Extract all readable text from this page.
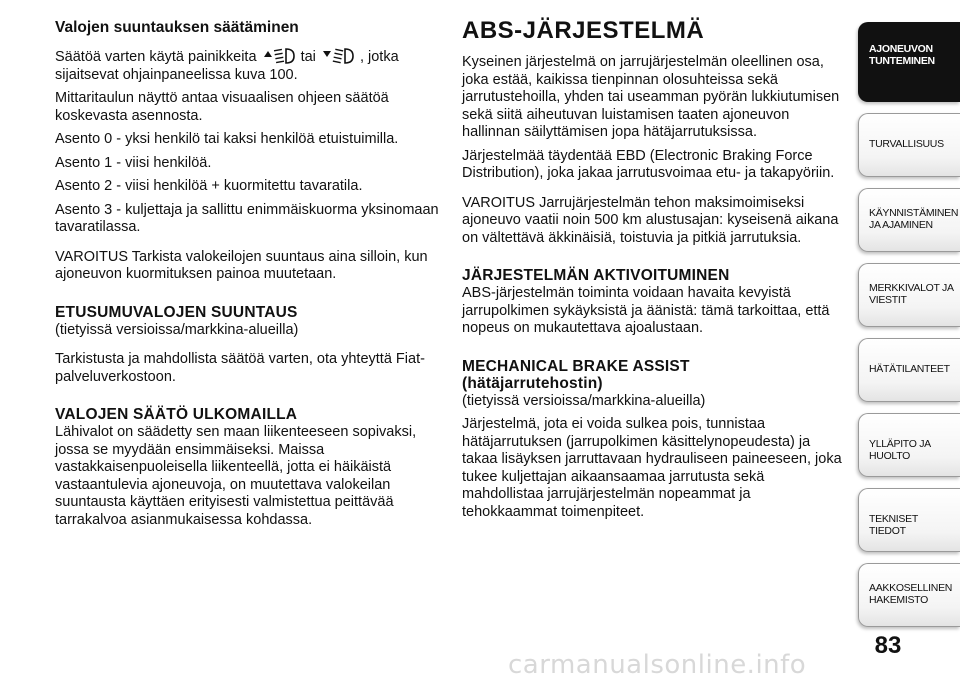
Valojen suuntauksen säätäminen
Säätöä varten käytä painikkeita	tai	, jotka sijaitsevat ohjainpaneelissa kuva 100.
Mittaritaulun näyttö antaa visuaalisen ohjeen säätöä koskevasta asennosta.
Asento 0 - yksi henkilö tai kaksi henkilöä etuistuimilla.
Asento 1 - viisi henkilöä.
Asento 2 - viisi henkilöä + kuormitettu tavaratila.
Asento 3 - kuljettaja ja sallittu enimmäiskuorma yksinomaan tavaratilassa.
VAROITUS Tarkista valokeilojen suuntaus aina silloin, kun ajoneuvon kuormituksen painoa muutetaan.
ETUSUMUVALOJEN SUUNTAUS
(tietyissä versioissa/markkina-alueilla)
Tarkistusta ja mahdollista säätöä varten, ota yhteyttä Fiat-palveluverkostoon.
VALOJEN SÄÄTÖ ULKOMAILLA
Lähivalot on säädetty sen maan liikenteeseen sopivaksi, jossa se myydään ensimmäiseksi. Maissa vastakkaisenpuoleisella liikenteellä, jotta ei häikäistä vastaantulevia ajoneuvoja, on muutettava valokeilan suuntausta käyttäen erityisesti valmistettua peittävää tarrakalvoa asianmukaisessa kohdassa.
ABS-JÄRJESTELMÄ
Kyseinen järjestelmä on jarrujärjestelmän oleellinen osa, joka estää, kaikissa tienpinnan olosuhteissa sekä jarrutustehoilla, yhden tai useamman pyörän lukkiutumisen sekä siitä aiheutuvan luistamisen taaten ajoneuvon hallinnan säilyttämisen jopa hätäjarrutuksissa.
Järjestelmää täydentää EBD (Electronic Braking Force Distribution), joka jakaa jarrutusvoimaa etu- ja takapyöriin.
VAROITUS Jarrujärjestelmän tehon maksimoimiseksi ajoneuvo vaatii noin 500 km alustusajan: kyseisenä aikana on vältettävä äkkinäisiä, toistuvia ja pitkiä jarrutuksia.
JÄRJESTELMÄN AKTIVOITUMINEN
ABS-järjestelmän toiminta voidaan havaita kevyistä jarrupolkimen sykäyksistä ja äänistä: tämä tarkoittaa, että nopeus on mukautettava ajoalustaan.
MECHANICAL BRAKE ASSIST
(hätäjarrutehostin)
(tietyissä versioissa/markkina-alueilla)
Järjestelmä, jota ei voida sulkea pois, tunnistaa hätäjarrutuksen (jarrupolkimen käsittelynopeudesta) ja takaa lisäyksen jarruttavaan hydrauliseen paineeseen, joka tukee kuljettajan aikaansaamaa jarrutusta sekä mahdollistaa jarrujärjestelmän nopeammat ja tehokkaammat toimenpiteet.
AJONEUVON
TUNTEMINEN
TURVALLISUUS
KÄYNNISTÄMINEN
JA AJAMINEN
MERKKIVALOT JA
VIESTIT
HÄTÄTILANTEET
YLLÄPITO JA HUOLTO
TEKNISET TIEDOT
AAKKOSELLINEN
HAKEMISTO
83
carmanualsonline.info
